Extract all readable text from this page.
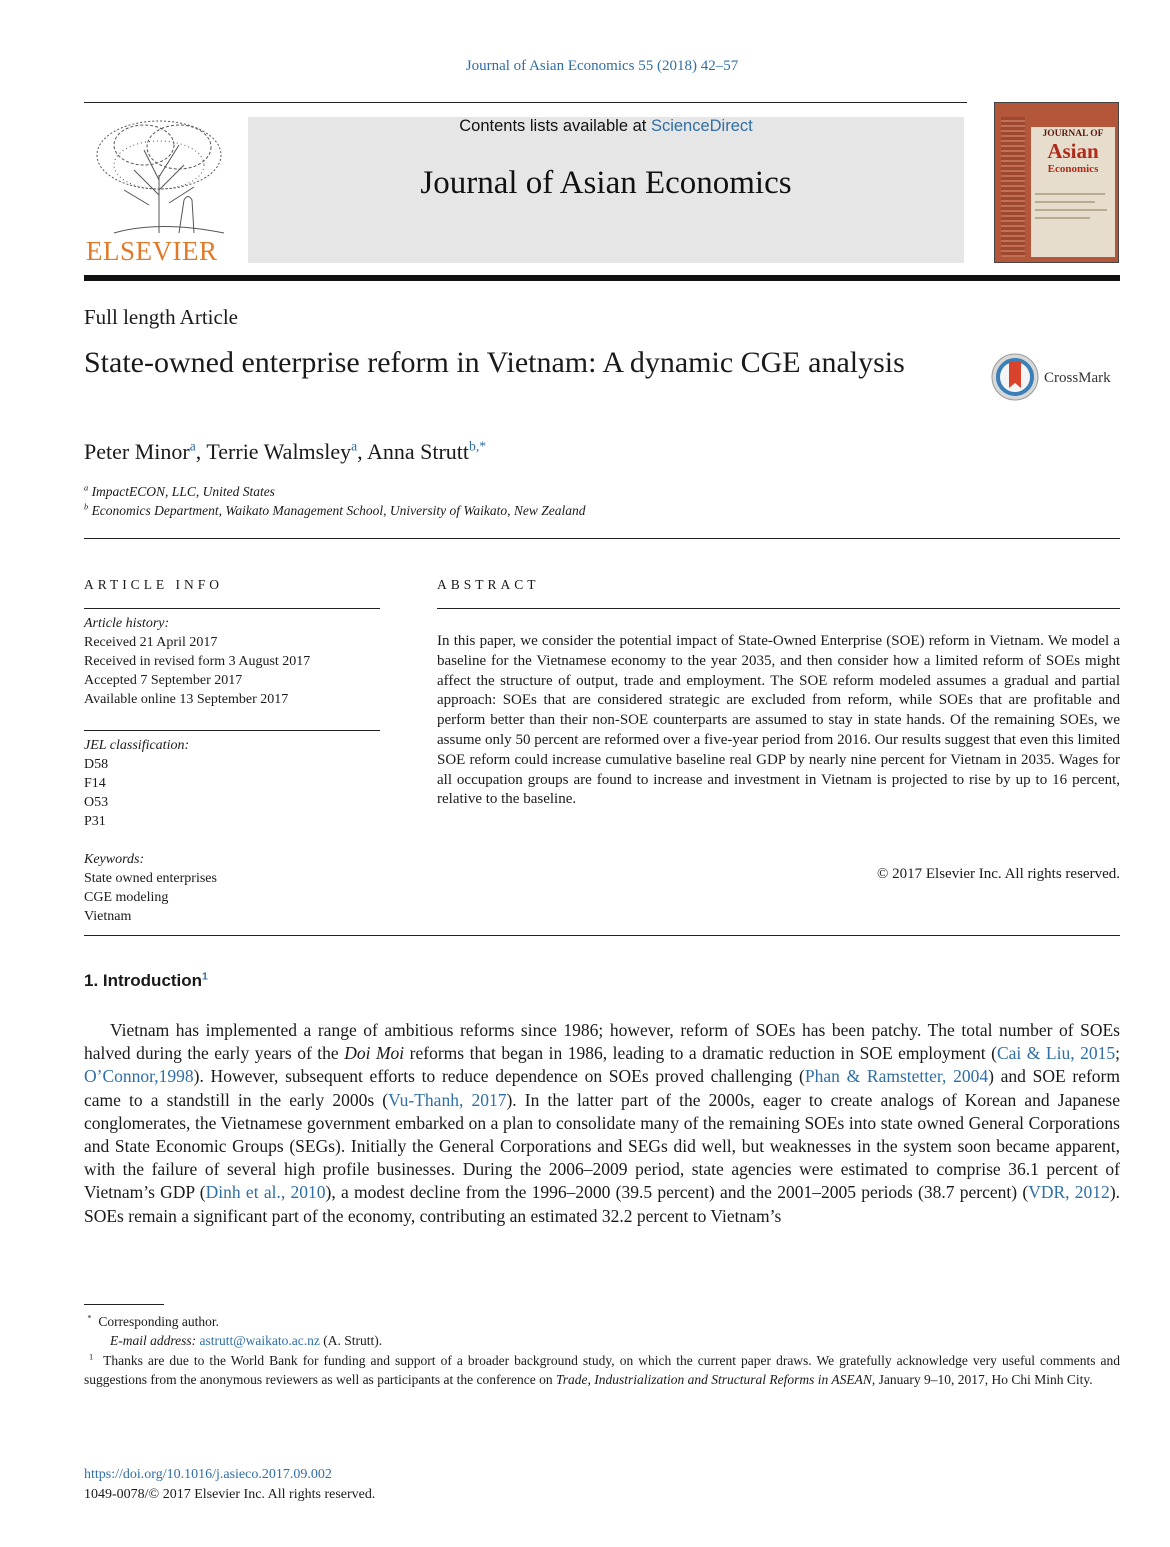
Journal of Asian Economics 55 (2018) 42–57
ELSEVIER
Contents lists available at ScienceDirect
Journal of Asian Economics
JOURNAL OF
Asian
Economics
Full length Article
State-owned enterprise reform in Vietnam: A dynamic CGE analysis	CrossMark
Peter Minor$^a$, Terrie Walmsley$^a$, Anna Strutt$^{b,*}$
$^a$ ImpactECON, LLC, United States
$^b$ Economics Department, Waikato Management School, University of Waikato, New Zealand
ARTICLE INFO	ABSTRACT
Article history:
Received 21 April 2017
Received in revised form 3 August 2017
Accepted 7 September 2017
Available online 13 September 2017
JEL classification:
D58
F14
O53
P31
Keywords:
State owned enterprises
CGE modeling
Vietnam
In this paper, we consider the potential impact of State-Owned Enterprise (SOE) reform in Vietnam. We model a baseline for the Vietnamese economy to the year 2035, and then consider how a limited reform of SOEs might affect the structure of output, trade and employment. The SOE reform modeled assumes a gradual and partial approach: SOEs that are considered strategic are excluded from reform, while SOEs that are profitable and perform better than their non-SOE counterparts are assumed to stay in state hands. Of the remaining SOEs, we assume only 50 percent are reformed over a five-year period from 2016. Our results suggest that even this limited SOE reform could increase cumulative baseline real GDP by nearly nine percent for Vietnam in 2035. Wages for all occupation groups are found to increase and investment in Vietnam is projected to rise by up to 16 percent, relative to the baseline.
© 2017 Elsevier Inc. All rights reserved.
1. Introduction$^1$
Vietnam has implemented a range of ambitious reforms since 1986; however, reform of SOEs has been patchy. The total number of SOEs halved during the early years of the Doi Moi reforms that began in 1986, leading to a dramatic reduction in SOE employment (Cai & Liu, 2015; O’Connor,1998). However, subsequent efforts to reduce dependence on SOEs proved challenging (Phan & Ramstetter, 2004) and SOE reform came to a standstill in the early 2000s (Vu-Thanh, 2017). In the latter part of the 2000s, eager to create analogs of Korean and Japanese conglomerates, the Vietnamese government embarked on a plan to consolidate many of the remaining SOEs into state owned General Corporations and State Economic Groups (SEGs). Initially the General Corporations and SEGs did well, but weaknesses in the system soon became apparent, with the failure of several high profile businesses. During the 2006–2009 period, state agencies were estimated to comprise 36.1 percent of Vietnam’s GDP (Dinh et al., 2010), a modest decline from the 1996–2000 (39.5 percent) and the 2001–2005 periods (38.7 percent) (VDR, 2012). SOEs remain a significant part of the economy, contributing an estimated 32.2 percent to Vietnam’s
* Corresponding author.
E-mail address: astrutt@waikato.ac.nz (A. Strutt).
$^1$ Thanks are due to the World Bank for funding and support of a broader background study, on which the current paper draws. We gratefully acknowledge very useful comments and suggestions from the anonymous reviewers as well as participants at the conference on Trade, Industrialization and Structural Reforms in ASEAN, January 9–10, 2017, Ho Chi Minh City.
https://doi.org/10.1016/j.asieco.2017.09.002
1049-0078/© 2017 Elsevier Inc. All rights reserved.
